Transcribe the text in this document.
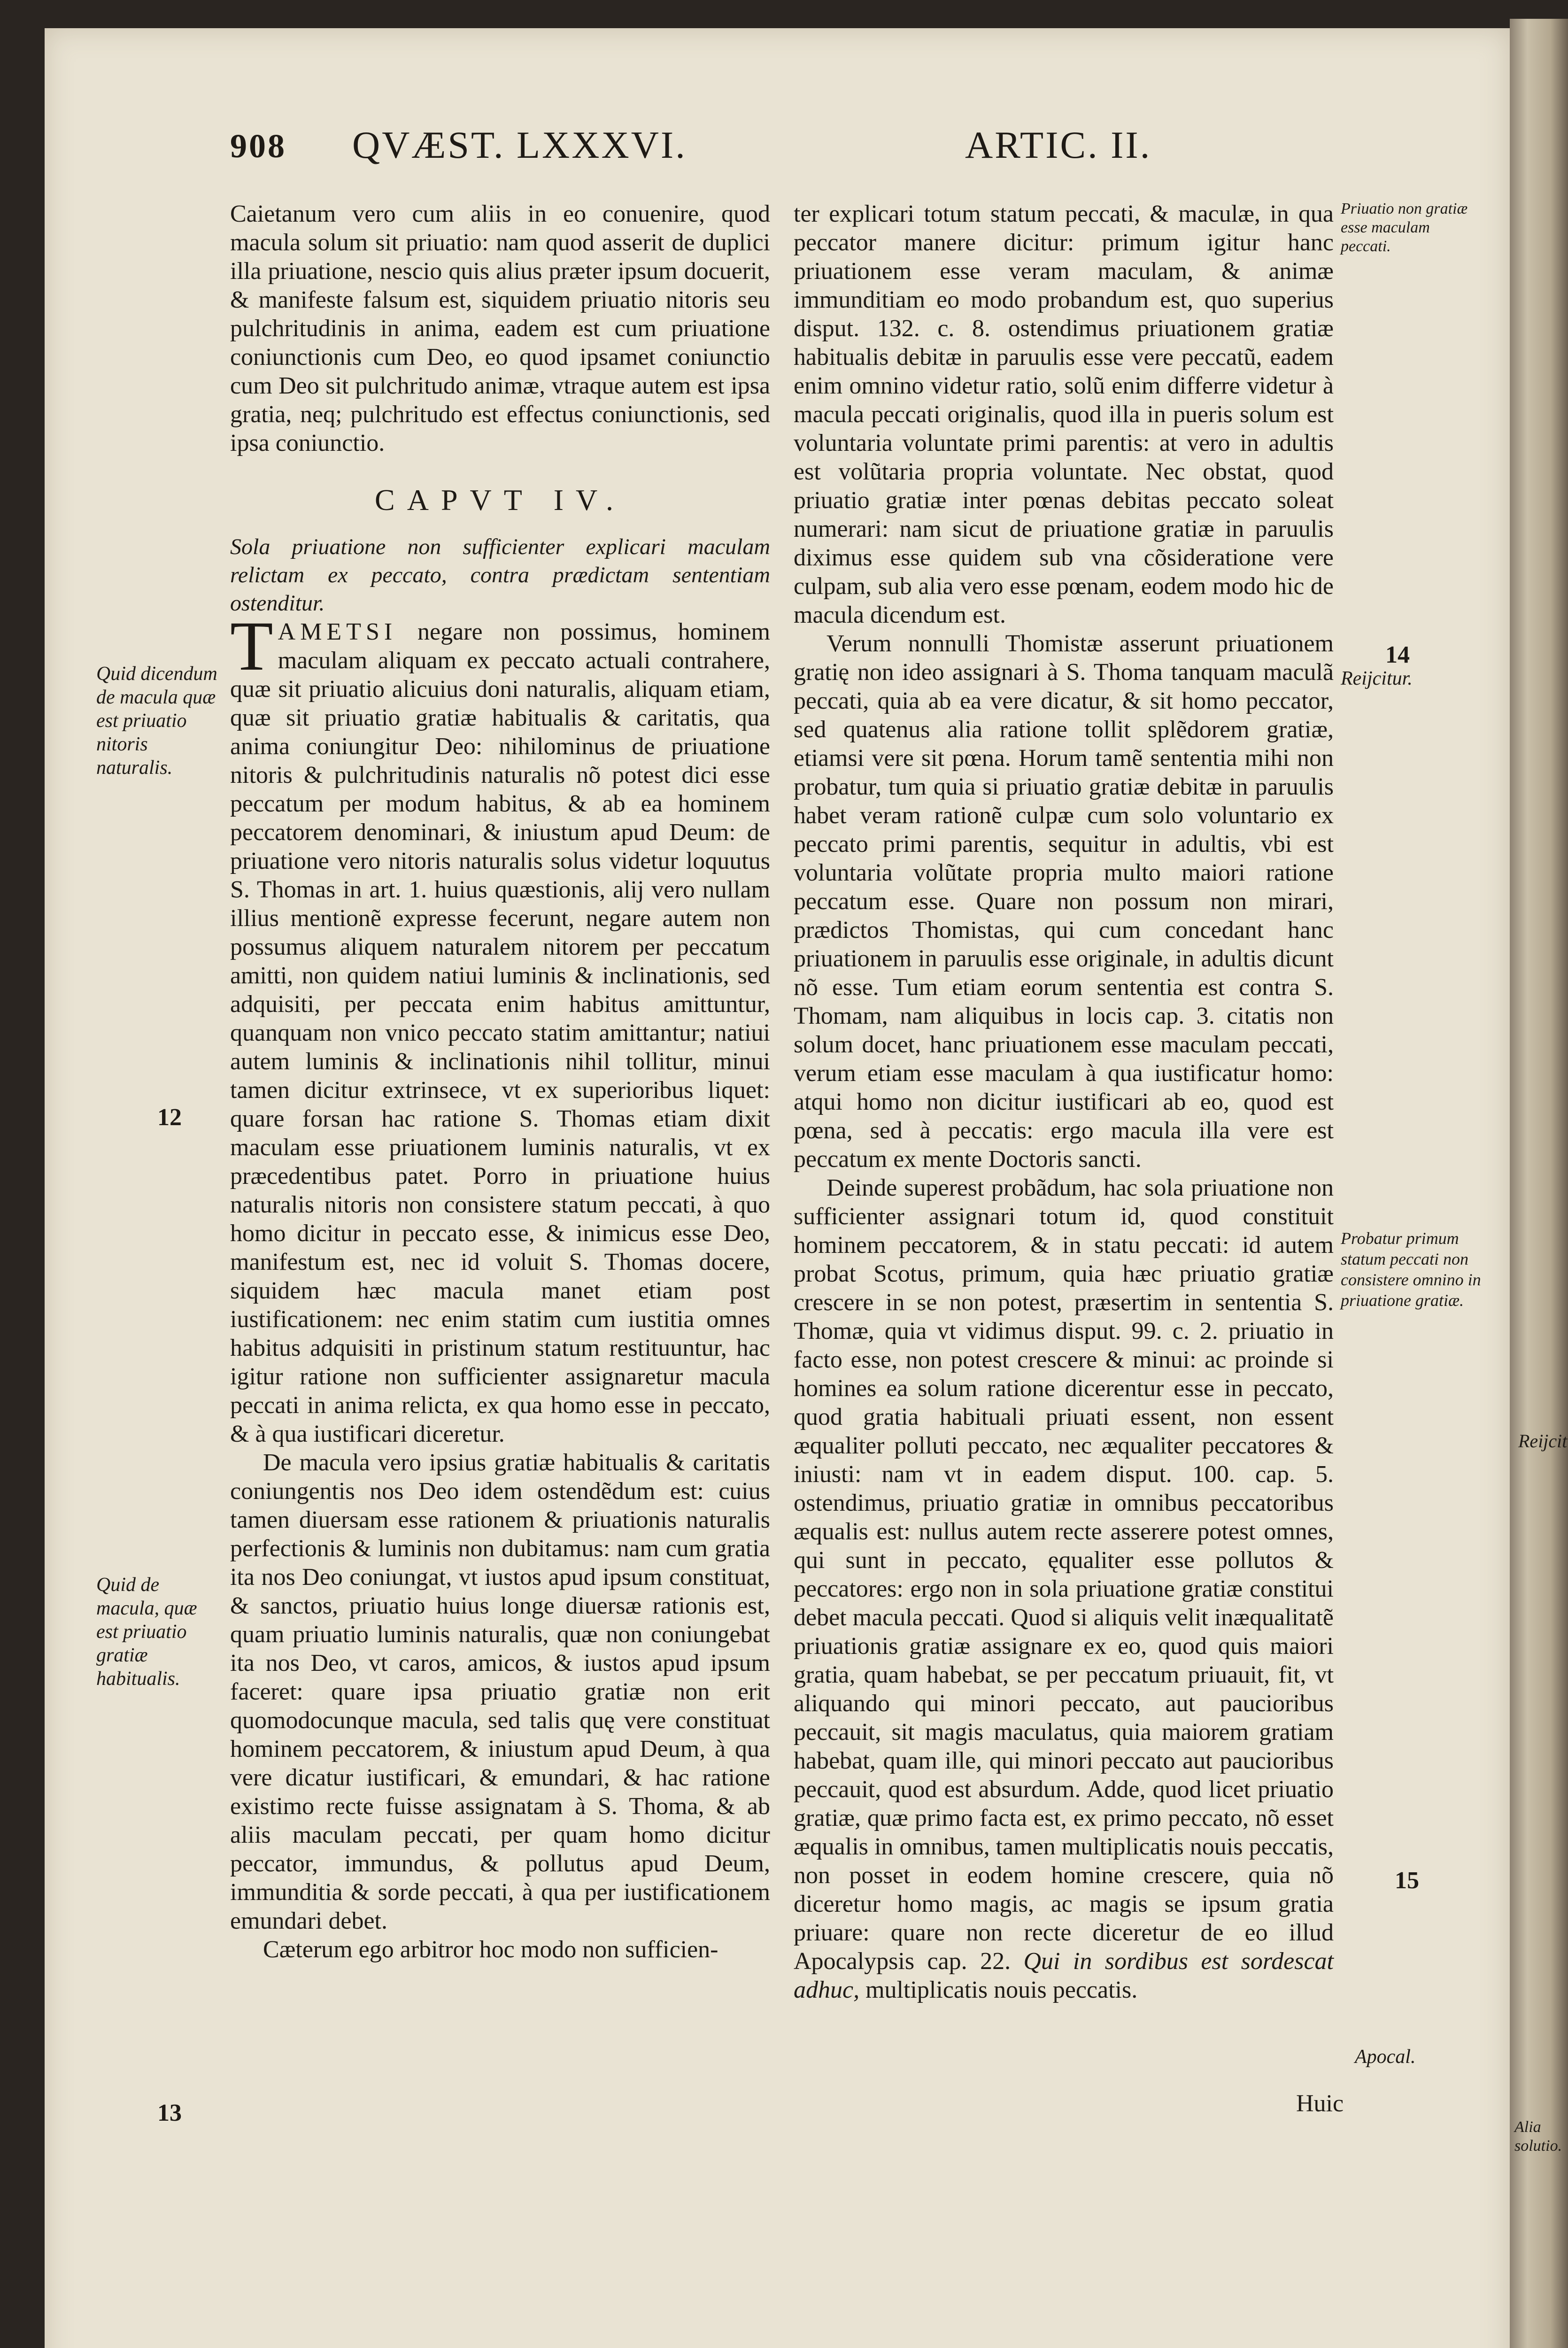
Reijcit
Alia solutio.
908 QVÆST. LXXXVI.	ARTIC. II.

Caietanum vero cum aliis in eo conuenire, quod macula solum sit priuatio: nam quod asserit de duplici illa priuatione, nescio quis alius præter ipsum docuerit, & manifeste falsum est, siquidem priuatio nitoris seu pulchritudinis in anima, eadem est cum priuatione coniunctionis cum Deo, eo quod ipsamet coniunctio cum Deo sit pulchritudo animæ, vtraque autem est ipsa gratia, neq; pulchritudo est effectus coniunctionis, sed ipsa coniunctio.

CAPVT IV.

Sola priuatione non sufficienter explicari maculam relictam ex peccato, contra prædictam sententiam ostenditur.

TAMETSI negare non possimus, hominem maculam aliquam ex peccato actuali contrahere, quæ sit priuatio alicuius doni naturalis, aliquam etiam, quæ sit priuatio gratiæ habitualis & caritatis, qua anima coniungitur Deo: nihilominus de priuatione nitoris & pulchritudinis naturalis nõ potest dici esse peccatum per modum habitus, & ab ea hominem peccatorem denominari, & iniustum apud Deum: de priuatione vero nitoris naturalis solus videtur loquutus S. Thomas in art. 1. huius quæstionis, alij vero nullam illius mentionẽ expresse fecerunt, negare autem non possumus aliquem naturalem nitorem per peccatum amitti, non quidem natiui luminis & inclinationis, sed adquisiti, per peccata enim habitus amittuntur, quanquam non vnico peccato statim amittantur; natiui autem luminis & inclinationis nihil tollitur, minui tamen dicitur extrinsece, vt ex superioribus liquet: quare forsan hac ratione S. Thomas etiam dixit maculam esse priuationem luminis naturalis, vt ex præcedentibus patet. Porro in priuatione huius naturalis nitoris non consistere statum peccati, à quo homo dicitur in peccato esse, & inimicus esse Deo, manifestum est, nec id voluit S. Thomas docere, siquidem hæc macula manet etiam post iustificationem: nec enim statim cum iustitia omnes habitus adquisiti in pristinum statum restituuntur, hac igitur ratione non sufficienter assignaretur macula peccati in anima relicta, ex qua homo esse in peccato, & à qua iustificari diceretur.

De macula vero ipsius gratiæ habitualis & caritatis coniungentis nos Deo idem ostendẽdum est: cuius tamen diuersam esse rationem & priuationis naturalis perfectionis & luminis non dubitamus: nam cum gratia ita nos Deo coniungat, vt iustos apud ipsum constituat, & sanctos, priuatio huius longe diuersæ rationis est, quam priuatio luminis naturalis, quæ non coniungebat ita nos Deo, vt caros, amicos, & iustos apud ipsum faceret: quare ipsa priuatio gratiæ non erit quomodocunque macula, sed talis quę vere constituat hominem peccatorem, & iniustum apud Deum, à qua vere dicatur iustificari, & emundari, & hac ratione existimo recte fuisse assignatam à S. Thoma, & ab aliis maculam peccati, per quam homo dicitur peccator, immundus, & pollutus apud Deum, immunditia & sorde peccati, à qua per iustificationem emundari debet.

Cæterum ego arbitror hoc modo non sufficien-

ter explicari totum statum peccati, & maculæ, in qua peccator manere dicitur: primum igitur hanc priuationem esse veram maculam, & animæ immunditiam eo modo probandum est, quo superius disput. 132. c. 8. ostendimus priuationem gratiæ habitualis debitæ in paruulis esse vere peccatũ, eadem enim omnino videtur ratio, solũ enim differre videtur à macula peccati originalis, quod illa in pueris solum est voluntaria voluntate primi parentis: at vero in adultis est volũtaria propria voluntate. Nec obstat, quod priuatio gratiæ inter pœnas debitas peccato soleat numerari: nam sicut de priuatione gratiæ in paruulis diximus esse quidem sub vna cõsideratione vere culpam, sub alia vero esse pœnam, eodem modo hic de macula dicendum est.

Verum nonnulli Thomistæ asserunt priuationem gratię non ideo assignari à S. Thoma tanquam maculã peccati, quia ab ea vere dicatur, & sit homo peccator, sed quatenus alia ratione tollit splẽdorem gratiæ, etiamsi vere sit pœna. Horum tamẽ sententia mihi non probatur, tum quia si priuatio gratiæ debitæ in paruulis habet veram rationẽ culpæ cum solo voluntario ex peccato primi parentis, sequitur in adultis, vbi est voluntaria volũtate propria multo maiori ratione peccatum esse. Quare non possum non mirari, prædictos Thomistas, qui cum concedant hanc priuationem in paruulis esse originale, in adultis dicunt nõ esse. Tum etiam eorum sententia est contra S. Thomam, nam aliquibus in locis cap. 3. citatis non solum docet, hanc priuationem esse maculam peccati, verum etiam esse maculam à qua iustificatur homo: atqui homo non dicitur iustificari ab eo, quod est pœna, sed à peccatis: ergo macula illa vere est peccatum ex mente Doctoris sancti.

Deinde superest probãdum, hac sola priuatione non sufficienter assignari totum id, quod constituit hominem peccatorem, & in statu peccati: id autem probat Scotus, primum, quia hæc priuatio gratiæ crescere in se non potest, præsertim in sententia S. Thomæ, quia vt vidimus disput. 99. c. 2. priuatio in facto esse, non potest crescere & minui: ac proinde si homines ea solum ratione dicerentur esse in peccato, quod gratia habituali priuati essent, non essent æqualiter polluti peccato, nec æqualiter peccatores & iniusti: nam vt in eadem disput. 100. cap. 5. ostendimus, priuatio gratiæ in omnibus peccatoribus æqualis est: nullus autem recte asserere potest omnes, qui sunt in peccato, ęqualiter esse pollutos & peccatores: ergo non in sola priuatione gratiæ constitui debet macula peccati. Quod si aliquis velit inæqualitatẽ priuationis gratiæ assignare ex eo, quod quis maiori gratia, quam habebat, se per peccatum priuauit, fit, vt aliquando qui minori peccato, aut paucioribus peccauit, sit magis maculatus, quia maiorem gratiam habebat, quam ille, qui minori peccato aut paucioribus peccauit, quod est absurdum. Adde, quod licet priuatio gratiæ, quæ primo facta est, ex primo peccato, nõ esset æqualis in omnibus, tamen multiplicatis nouis peccatis, non posset in eodem homine crescere, quia nõ diceretur homo magis, ac magis se ipsum gratia priuare: quare non recte diceretur de eo illud Apocalypsis cap. 22. Qui in sordibus est sordescat adhuc, multiplicatis nouis peccatis.

Huic
Quid dicendum de macula quæ est priuatio nitoris naturalis.
12
Quid de macula, quæ est priuatio gratiæ habitualis.
13
Priuatio non gratiæ esse maculam peccati.
14
Reijcitur.
Probatur primum statum peccati non consistere omnino in priuatione gratiæ.
15
Apocal.
